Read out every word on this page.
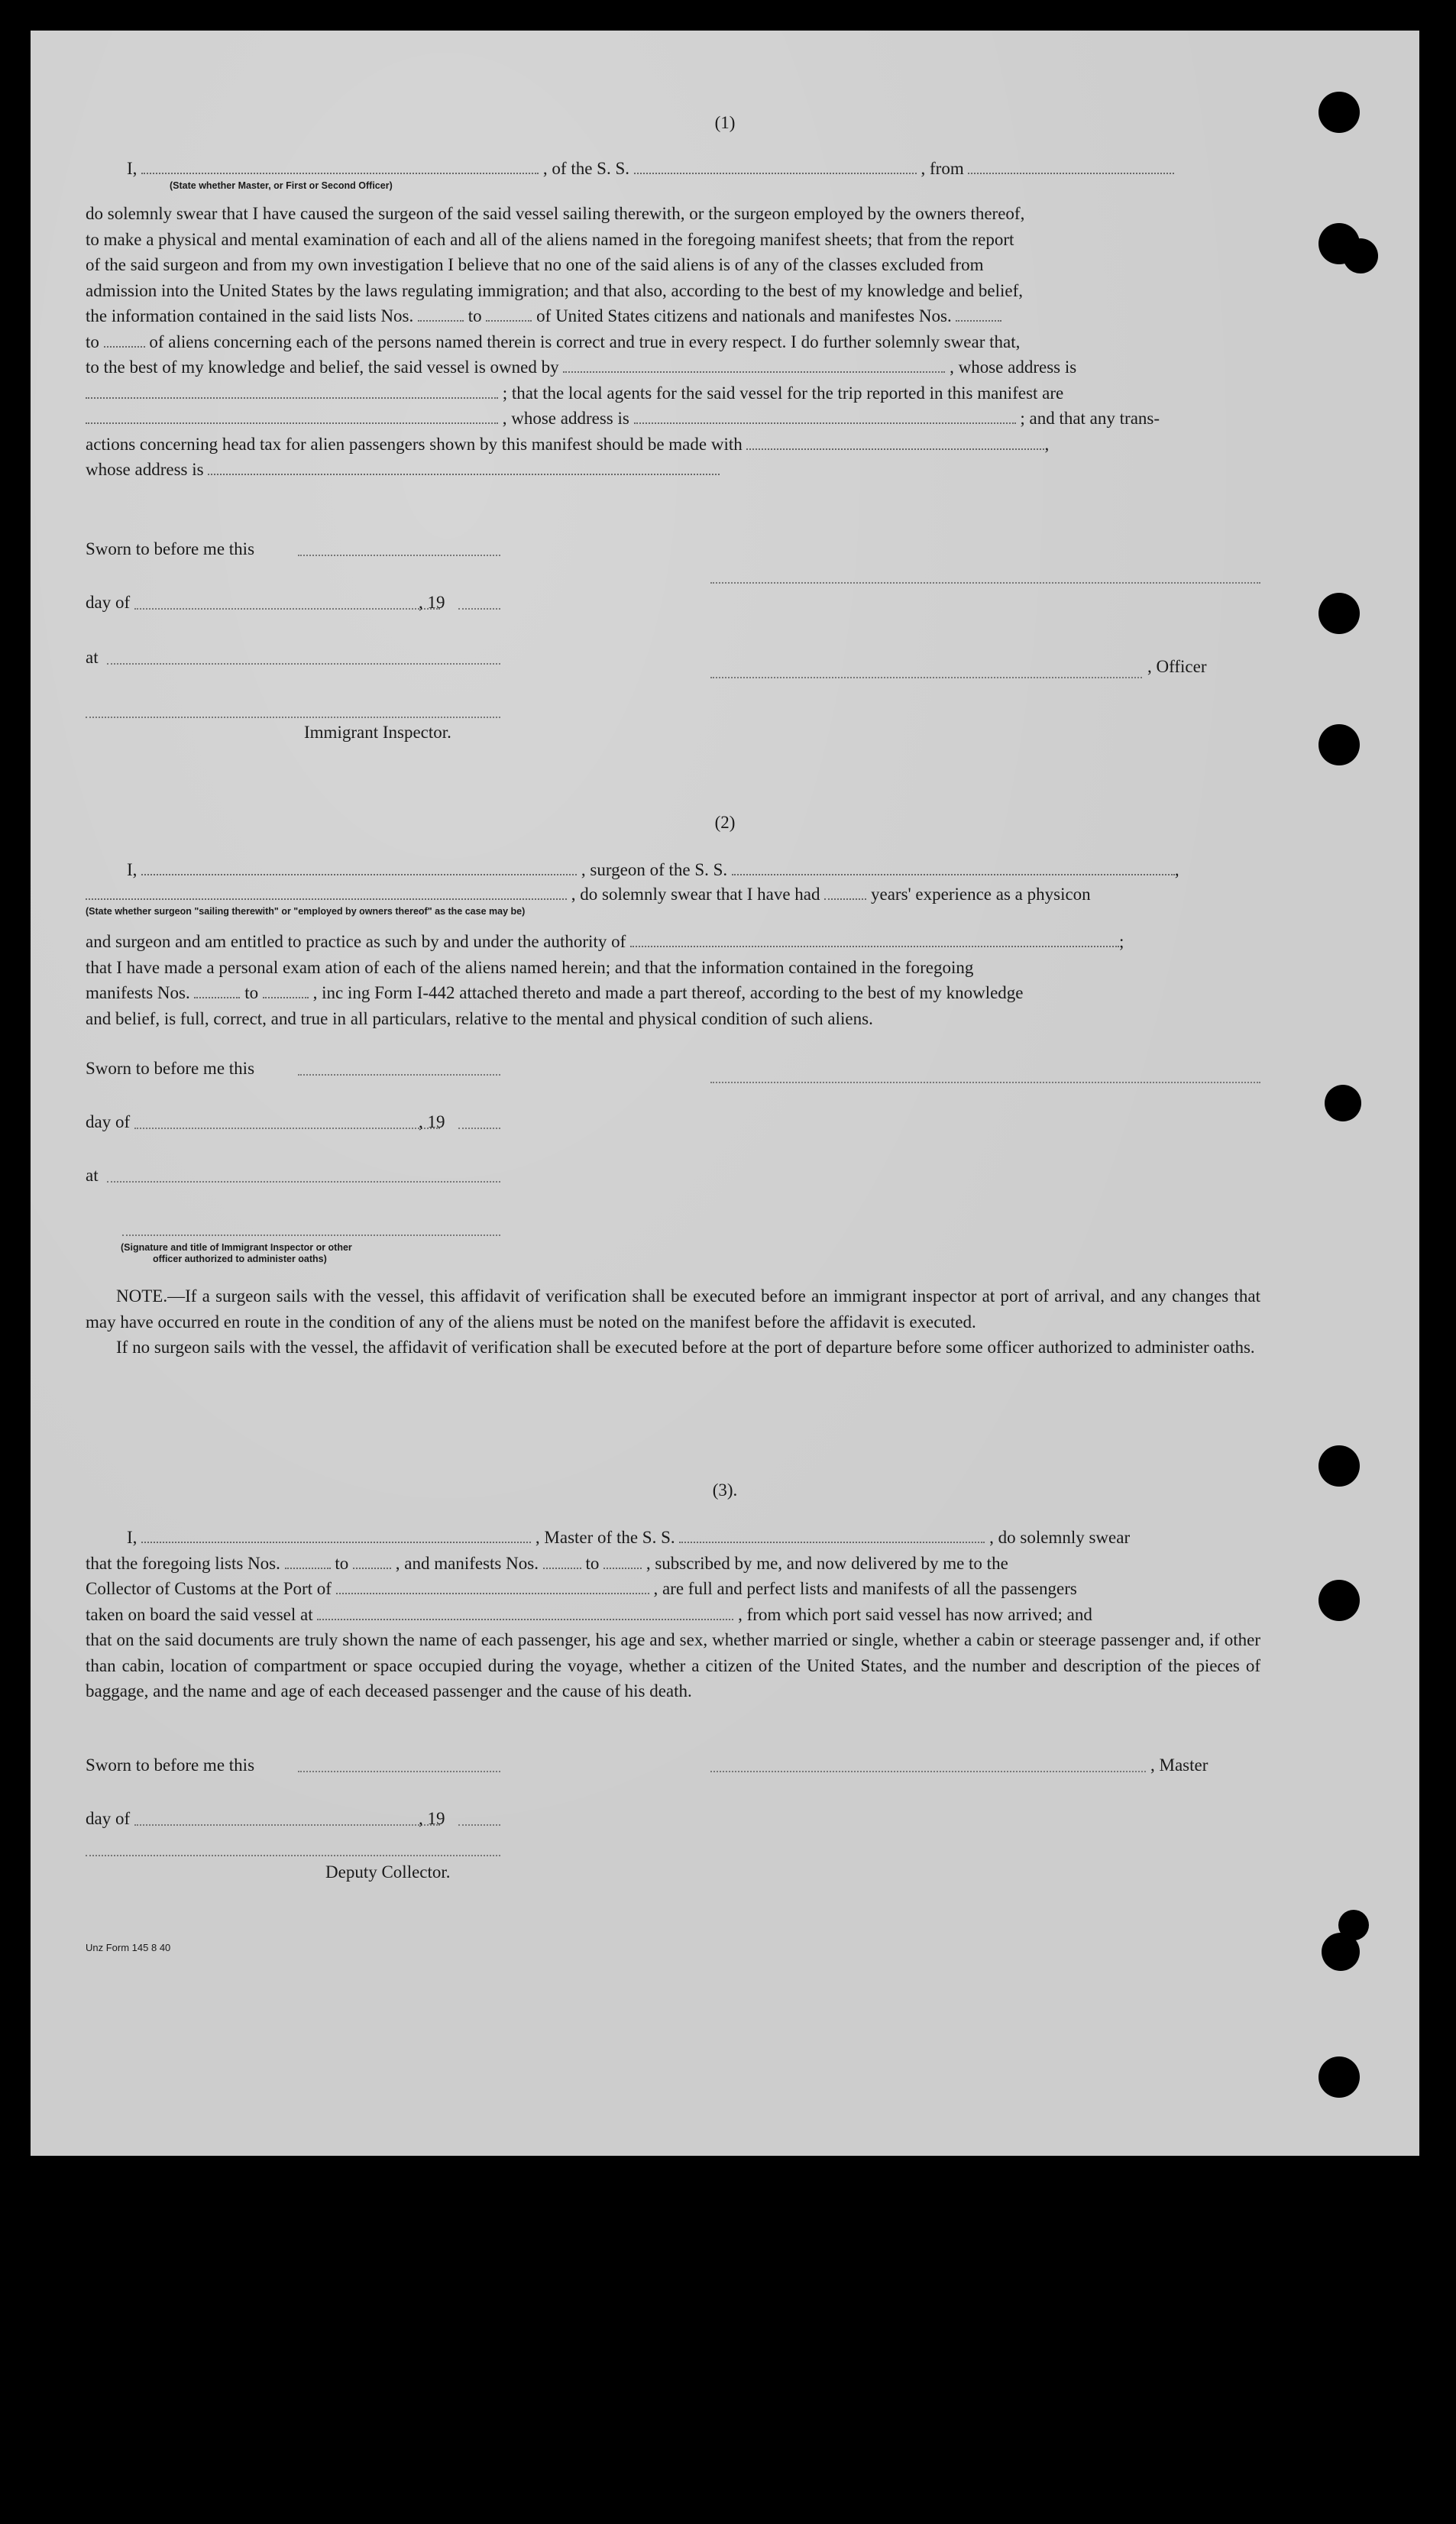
(1)
I,	, of the S. S.	, from
(State whether Master, or First or Second Officer)
do solemnly swear that I have caused the surgeon of the said vessel sailing therewith, or the surgeon employed by the owners thereof,
to make a physical and mental examination of each and all of the aliens named in the foregoing manifest sheets; that from the report
of the said surgeon and from my own investigation I believe that no one of the said aliens is of any of the classes excluded from
admission into the United States by the laws regulating immigration; and that also, according to the best of my knowledge and belief,
the information contained in the said lists Nos.	to	of United States citizens and nationals and manifestes Nos.
to	of aliens concerning each of the persons named therein is correct and true in every respect. I do further solemnly swear that,
to the best of my knowledge and belief, the said vessel is owned by	, whose address is
; that the local agents for the said vessel for the trip reported in this manifest are
, whose address is	; and that any trans-
actions concerning head tax for alien passengers shown by this manifest should be made with	,
whose address is
Sworn to before me this
day of	, 19
at	, Officer
Immigrant Inspector.
(2)
I,	, surgeon of the S. S.	,
, do solemnly swear that I have had	years' experience as a physicon
(State whether surgeon "sailing therewith" or "employed by owners thereof" as the case may be)
and surgeon and am entitled to practice as such by and under the authority of	;
that I have made a personal exam ation of each of the aliens named herein; and that the information contained in the foregoing
manifests Nos.	to	, inc ing Form I-442 attached thereto and made a part thereof, according to the best of my knowledge
and belief, is full, correct, and true in all particulars, relative to the mental and physical condition of such aliens.
Sworn to before me this
day of	, 19
at
(Signature and title of Immigrant Inspector or other
officer authorized to administer oaths)
NOTE.—If a surgeon sails with the vessel, this affidavit of verification shall be executed before an immigrant inspector at port of arrival, and any changes that may have occurred en route in the condition of any of the aliens must be noted on the manifest before the affidavit is executed.
If no surgeon sails with the vessel, the affidavit of verification shall be executed before at the port of departure before some officer authorized to administer oaths.
(3).
I,	, Master of the S. S.	, do solemnly swear
that the foregoing lists Nos.	to	, and manifests Nos.	to	, subscribed by me, and now delivered by me to the
Collector of Customs at the Port of	, are full and perfect lists and manifests of all the passengers
taken on board the said vessel at	, from which port said vessel has now arrived; and
that on the said documents are truly shown the name of each passenger, his age and sex, whether married or single, whether a cabin or steerage passenger and, if other than cabin, location of compartment or space occupied during the voyage, whether a citizen of the United States, and the number and description of the pieces of baggage, and the name and age of each deceased passenger and the cause of his death.
Sworn to before me this	, Master
day of	, 19
Deputy Collector.
Unz Form 145 8 40
